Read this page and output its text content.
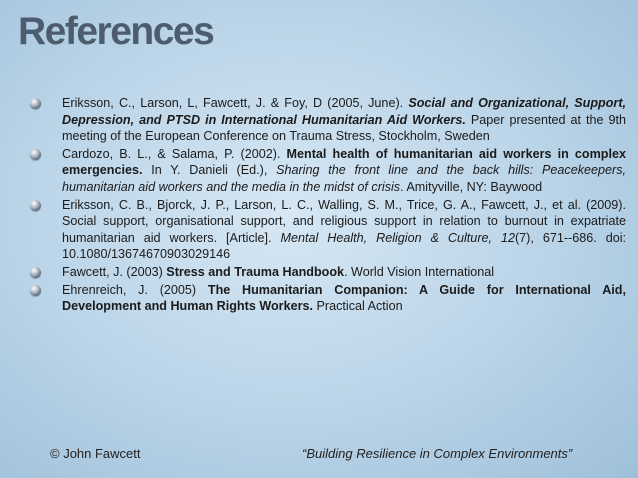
References
Eriksson, C., Larson, L, Fawcett, J. & Foy, D (2005, June). Social and Organizational, Support, Depression, and PTSD in International Humanitarian Aid Workers. Paper presented at the 9th meeting of the European Conference on Trauma Stress, Stockholm, Sweden
Cardozo, B. L., & Salama, P. (2002). Mental health of humanitarian aid workers in complex emergencies. In Y. Danieli (Ed.), Sharing the front line and the back hills: Peacekeepers, humanitarian aid workers and the media in the midst of crisis. Amityville, NY: Baywood
Eriksson, C. B., Bjorck, J. P., Larson, L. C., Walling, S. M., Trice, G. A., Fawcett, J., et al. (2009). Social support, organisational support, and religious support in relation to burnout in expatriate humanitarian aid workers. [Article]. Mental Health, Religion & Culture, 12(7), 671--686. doi: 10.1080/13674670903029146
Fawcett, J. (2003) Stress and Trauma Handbook. World Vision International
Ehrenreich, J. (2005) The Humanitarian Companion: A Guide for International Aid, Development and Human Rights Workers. Practical Action
© John Fawcett	“Building Resilience in Complex Environments”
